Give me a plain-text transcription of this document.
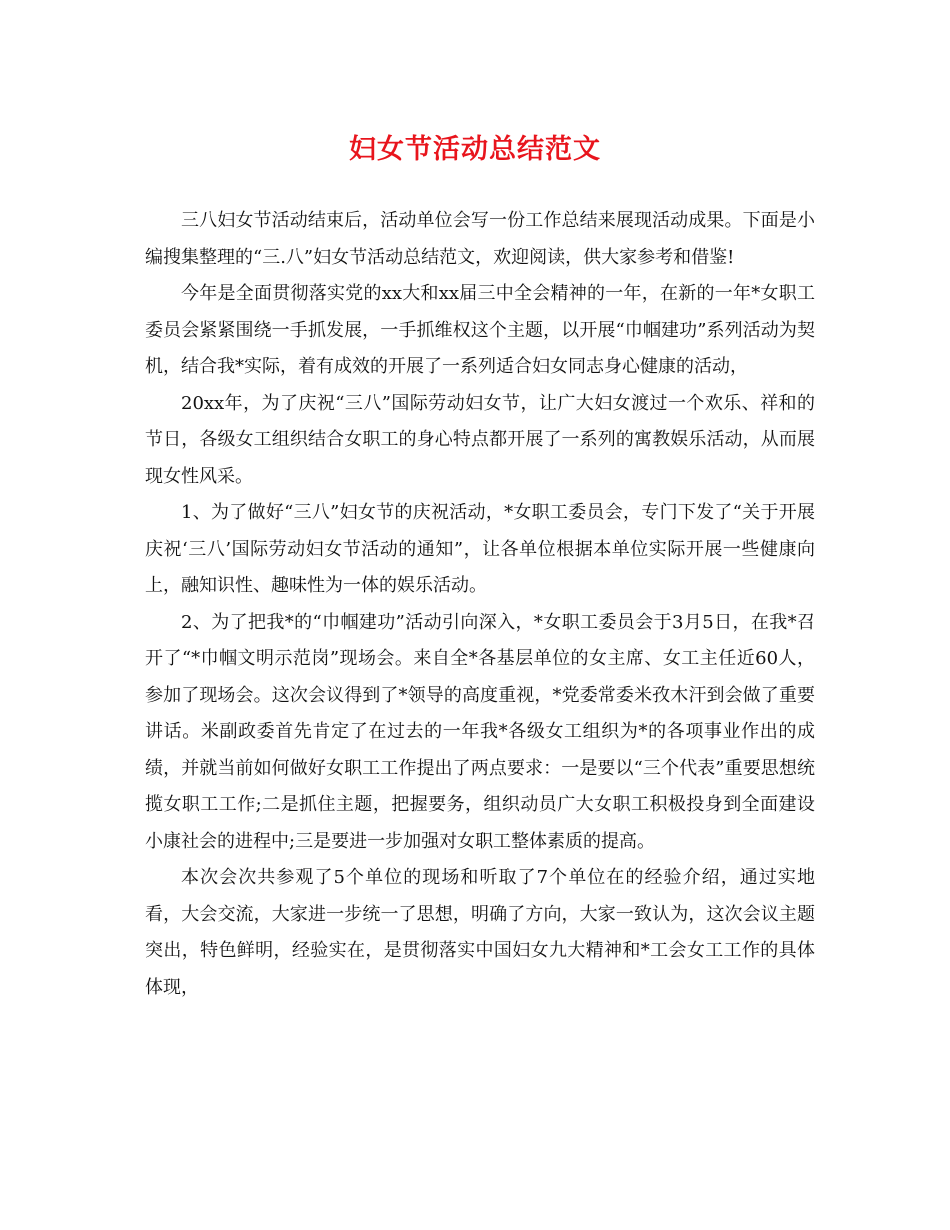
妇女节活动总结范文

三八妇女节活动结束后，活动单位会写一份工作总结来展现活动成果。下面是小编搜集整理的“三.八”妇女节活动总结范文，欢迎阅读，供大家参考和借鉴!

今年是全面贯彻落实党的xx大和xx届三中全会精神的一年，在新的一年*女职工委员会紧紧围绕一手抓发展，一手抓维权这个主题，以开展“巾帼建功”系列活动为契机，结合我*实际，着有成效的开展了一系列适合妇女同志身心健康的活动，

20xx年，为了庆祝“三八”国际劳动妇女节，让广大妇女渡过一个欢乐、祥和的节日，各级女工组织结合女职工的身心特点都开展了一系列的寓教娱乐活动，从而展现女性风采。

1、为了做好“三八”妇女节的庆祝活动，*女职工委员会，专门下发了“关于开展庆祝‘三八’国际劳动妇女节活动的通知”，让各单位根据本单位实际开展一些健康向上，融知识性、趣味性为一体的娱乐活动。

2、为了把我*的“巾帼建功”活动引向深入，*女职工委员会于3月5日，在我*召开了“*巾帼文明示范岗”现场会。来自全*各基层单位的女主席、女工主任近60人，参加了现场会。这次会议得到了*领导的高度重视，*党委常委米孜木汗到会做了重要讲话。米副政委首先肯定了在过去的一年我*各级女工组织为*的各项事业作出的成绩，并就当前如何做好女职工工作提出了两点要求：一是要以“三个代表”重要思想统揽女职工工作;二是抓住主题，把握要务，组织动员广大女职工积极投身到全面建设小康社会的进程中;三是要进一步加强对女职工整体素质的提高。

本次会次共参观了5个单位的现场和听取了7个单位在的经验介绍，通过实地看，大会交流，大家进一步统一了思想，明确了方向，大家一致认为，这次会议主题突出，特色鲜明，经验实在，是贯彻落实中国妇女九大精神和*工会女工工作的具体体现，
